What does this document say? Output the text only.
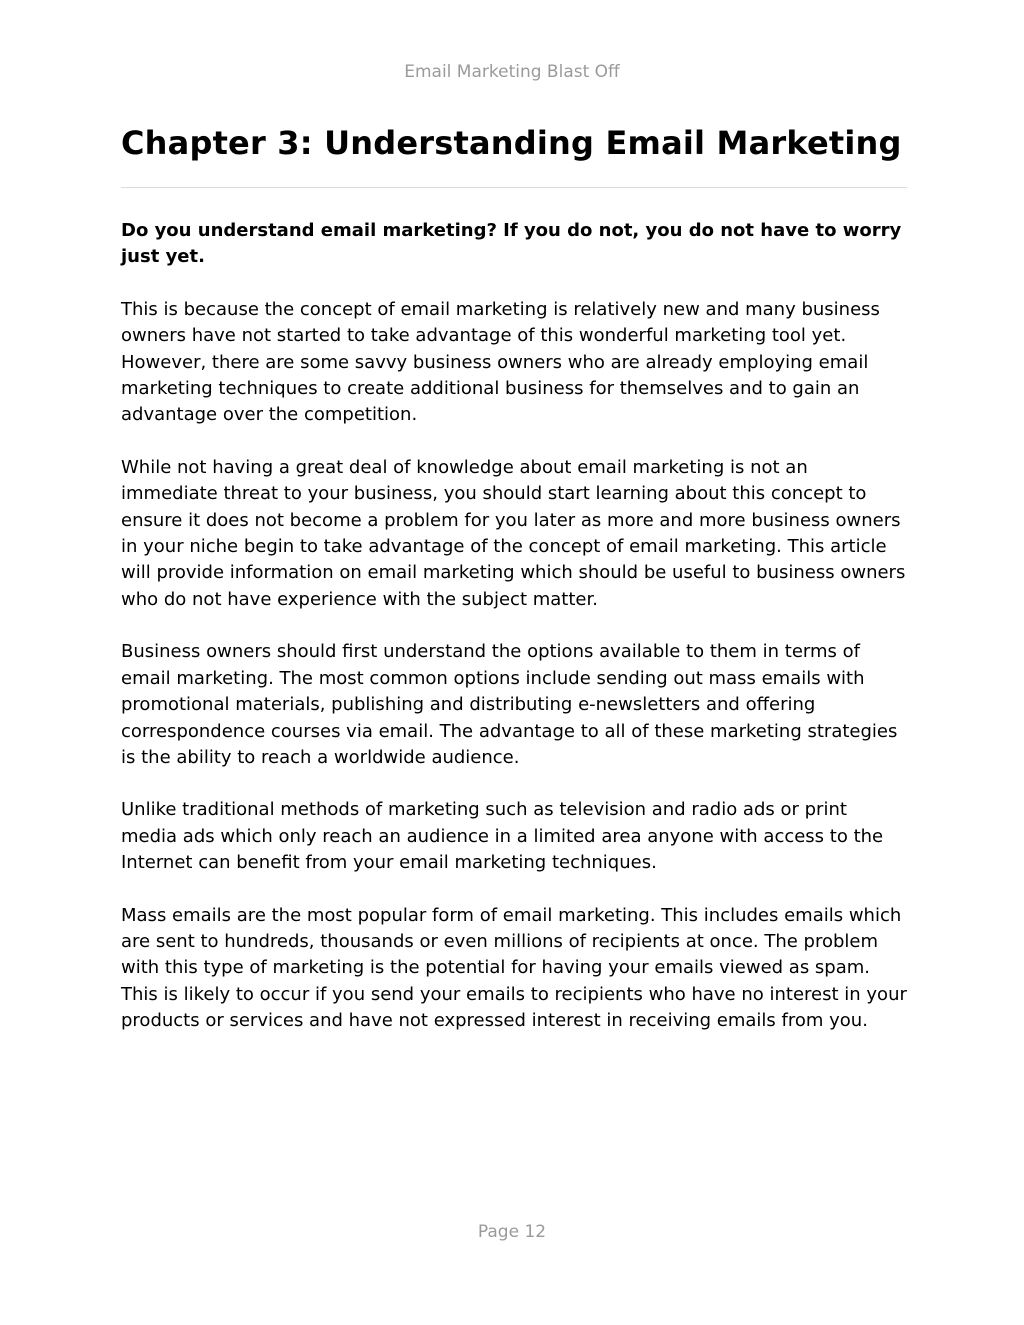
Email Marketing Blast Off
Chapter 3: Understanding Email Marketing

Do you understand email marketing? If you do not, you do not have to worry just yet.

This is because the concept of email marketing is relatively new and many business owners have not started to take advantage of this wonderful marketing tool yet. However, there are some savvy business owners who are already employing email marketing techniques to create additional business for themselves and to gain an advantage over the competition.

While not having a great deal of knowledge about email marketing is not an immediate threat to your business, you should start learning about this concept to ensure it does not become a problem for you later as more and more business owners in your niche begin to take advantage of the concept of email marketing. This article will provide information on email marketing which should be useful to business owners who do not have experience with the subject matter.

Business owners should first understand the options available to them in terms of email marketing. The most common options include sending out mass emails with promotional materials, publishing and distributing e-newsletters and offering correspondence courses via email. The advantage to all of these marketing strategies is the ability to reach a worldwide audience.

Unlike traditional methods of marketing such as television and radio ads or print media ads which only reach an audience in a limited area anyone with access to the Internet can benefit from your email marketing techniques.

Mass emails are the most popular form of email marketing. This includes emails which are sent to hundreds, thousands or even millions of recipients at once. The problem with this type of marketing is the potential for having your emails viewed as spam. This is likely to occur if you send your emails to recipients who have no interest in your products or services and have not expressed interest in receiving emails from you.

Page 12
